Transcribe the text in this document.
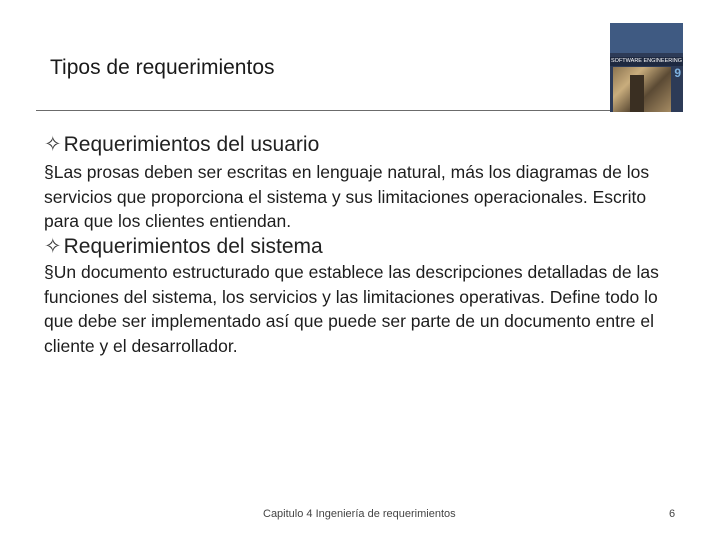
Tipos de requerimientos	SOFTWARE ENGINEERING
9
✧Requerimientos del usuario
§Las prosas deben ser escritas en lenguaje natural, más los diagramas de los servicios que proporciona el sistema y sus limitaciones operacionales. Escrito para que los clientes entiendan.
✧Requerimientos del sistema
§Un documento estructurado que establece las descripciones detalladas de las funciones del sistema, los servicios y las limitaciones operativas. Define todo lo que debe ser implementado así que puede ser parte de un documento entre el cliente y el desarrollador.
Capitulo 4 Ingeniería de requerimientos	6
